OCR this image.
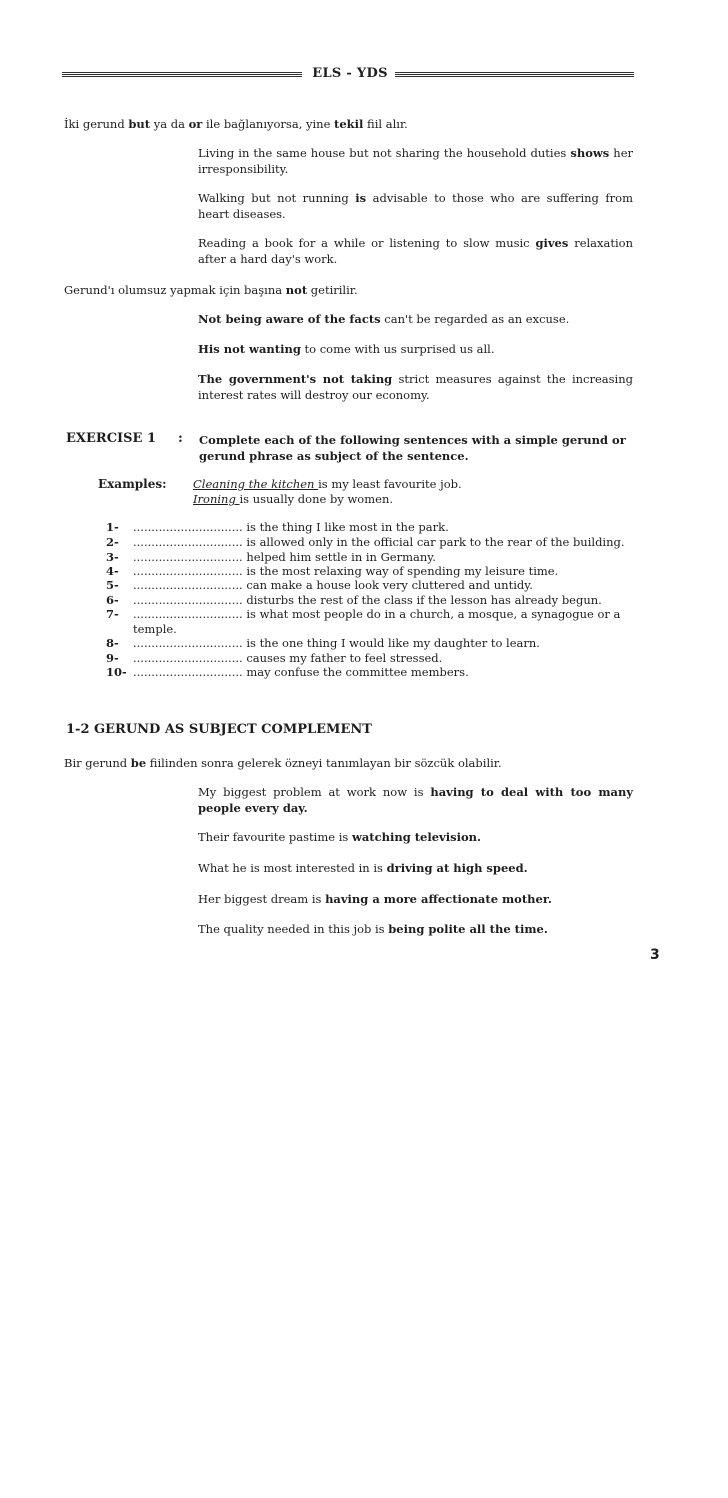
ELS - YDS
İki gerund but ya da or ile bağlanıyorsa, yine tekil fiil alır.
Living in the same house but not sharing the household duties shows her irresponsibility.
Walking but not running is advisable to those who are suffering from heart diseases.
Reading a book for a while or listening to slow music gives relaxation after a hard day's work.
Gerund'ı olumsuz yapmak için başına not getirilir.
Not being aware of the facts can't be regarded as an excuse.
His not wanting to come with us surprised us all.
The government's not taking strict measures against the increasing interest rates will destroy our economy.
EXERCISE 1 : Complete each of the following sentences with a simple gerund or gerund phrase as subject of the sentence.
Examples: Cleaning the kitchen is my least favourite job.
Ironing is usually done by women.
1-	.............................. is the thing I like most in the park.
2-	.............................. is allowed only in the official car park to the rear of the building.
3-	.............................. helped him settle in in Germany.
4-	.............................. is the most relaxing way of spending my leisure time.
5-	.............................. can make a house look very cluttered and untidy.
6-	.............................. disturbs the rest of the class if the lesson has already begun.
7-	.............................. is what most people do in a church, a mosque, a synagogue or a
temple.
8-	.............................. is the one thing I would like my daughter to learn.
9-	.............................. causes my father to feel stressed.
10- .............................. may confuse the committee members.
1-2 GERUND AS SUBJECT COMPLEMENT
Bir gerund be fiilinden sonra gelerek özneyi tanımlayan bir sözcük olabilir.
My biggest problem at work now is having to deal with too many people every day.
Their favourite pastime is watching television.
What he is most interested in is driving at high speed.
Her biggest dream is having a more affectionate mother.
The quality needed in this job is being polite all the time.
3
